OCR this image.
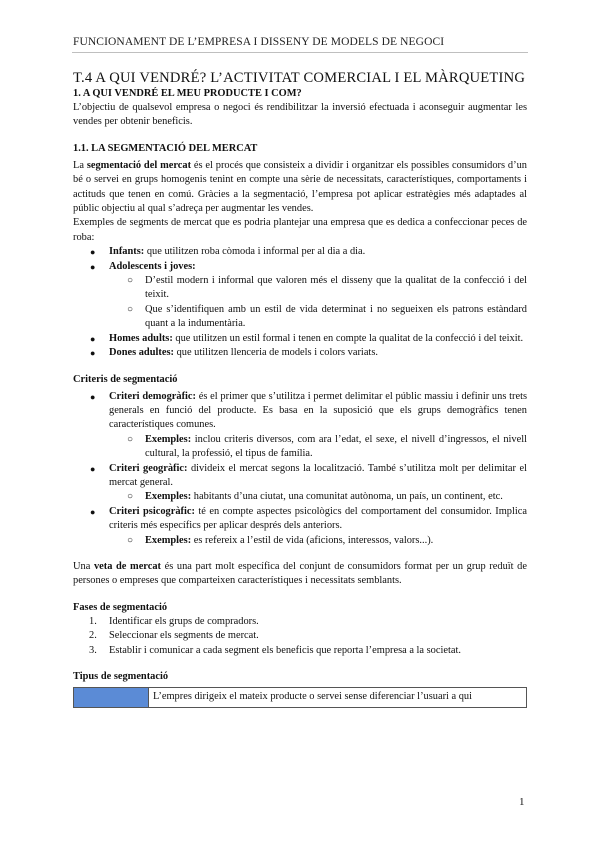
FUNCIONAMENT DE L’EMPRESA I DISSENY DE MODELS DE NEGOCI
T.4 A QUI VENDRÉ? L’ACTIVITAT COMERCIAL I EL MÀRQUETING

1. A QUI VENDRÉ EL MEU PRODUCTE I COM?

L’objectiu de qualsevol empresa o negoci és rendibilitzar la inversió efectuada i aconseguir augmentar les vendes per obtenir beneficis.

1.1. LA SEGMENTACIÓ DEL MERCAT

La segmentació del mercat és el procés que consisteix a dividir i organitzar els possibles consumidors d’un bé o servei en grups homogenis tenint en compte una sèrie de necessitats, característiques, comportaments i actituds que tenen en comú. Gràcies a la segmentació, l’empresa pot aplicar estratègies més adaptades al públic objectiu al qual s’adreça per augmentar les vendes.

Exemples de segments de mercat que es podria plantejar una empresa que es dedica a confeccionar peces de roba:

● Infants: que utilitzen roba còmoda i informal per al dia a dia.
● Adolescents i joves:
○ D’estil modern i informal que valoren més el disseny que la qualitat de la confecció i del teixit.
○ Que s’identifiquen amb un estil de vida determinat i no segueixen els patrons estàndard quant a la indumentària.
● Homes adults: que utilitzen un estil formal i tenen en compte la qualitat de la confecció i del teixit.
● Dones adultes: que utilitzen llenceria de models i colors variats.

Criteris de segmentació

● Criteri demogràfic: és el primer que s’utilitza i permet delimitar el públic massiu i definir uns trets generals en funció del producte. Es basa en la suposició que els grups demogràfics tenen característiques comunes.
○ Exemples: inclou criteris diversos, com ara l’edat, el sexe, el nivell d’ingressos, el nivell cultural, la professió, el tipus de família.
● Criteri geogràfic: divideix el mercat segons la localització. També s’utilitza molt per delimitar el mercat general.
○ Exemples: habitants d’una ciutat, una comunitat autònoma, un país, un continent, etc.
● Criteri psicogràfic: té en compte aspectes psicològics del comportament del consumidor. Implica criteris més específics per aplicar després dels anteriors.
○ Exemples: es refereix a l’estil de vida (aficions, interessos, valors...).

Una veta de mercat és una part molt específica del conjunt de consumidors format per un grup reduït de persones o empreses que comparteixen característiques i necessitats semblants.

Fases de segmentació

1. Identificar els grups de compradors.
2. Seleccionar els segments de mercat.
3. Establir i comunicar a cada segment els beneficis que reporta l’empresa a la societat.

Tipus de segmentació

	L’empres dirigeix el mateix producte o servei sense diferenciar l’usuari a qui
1
